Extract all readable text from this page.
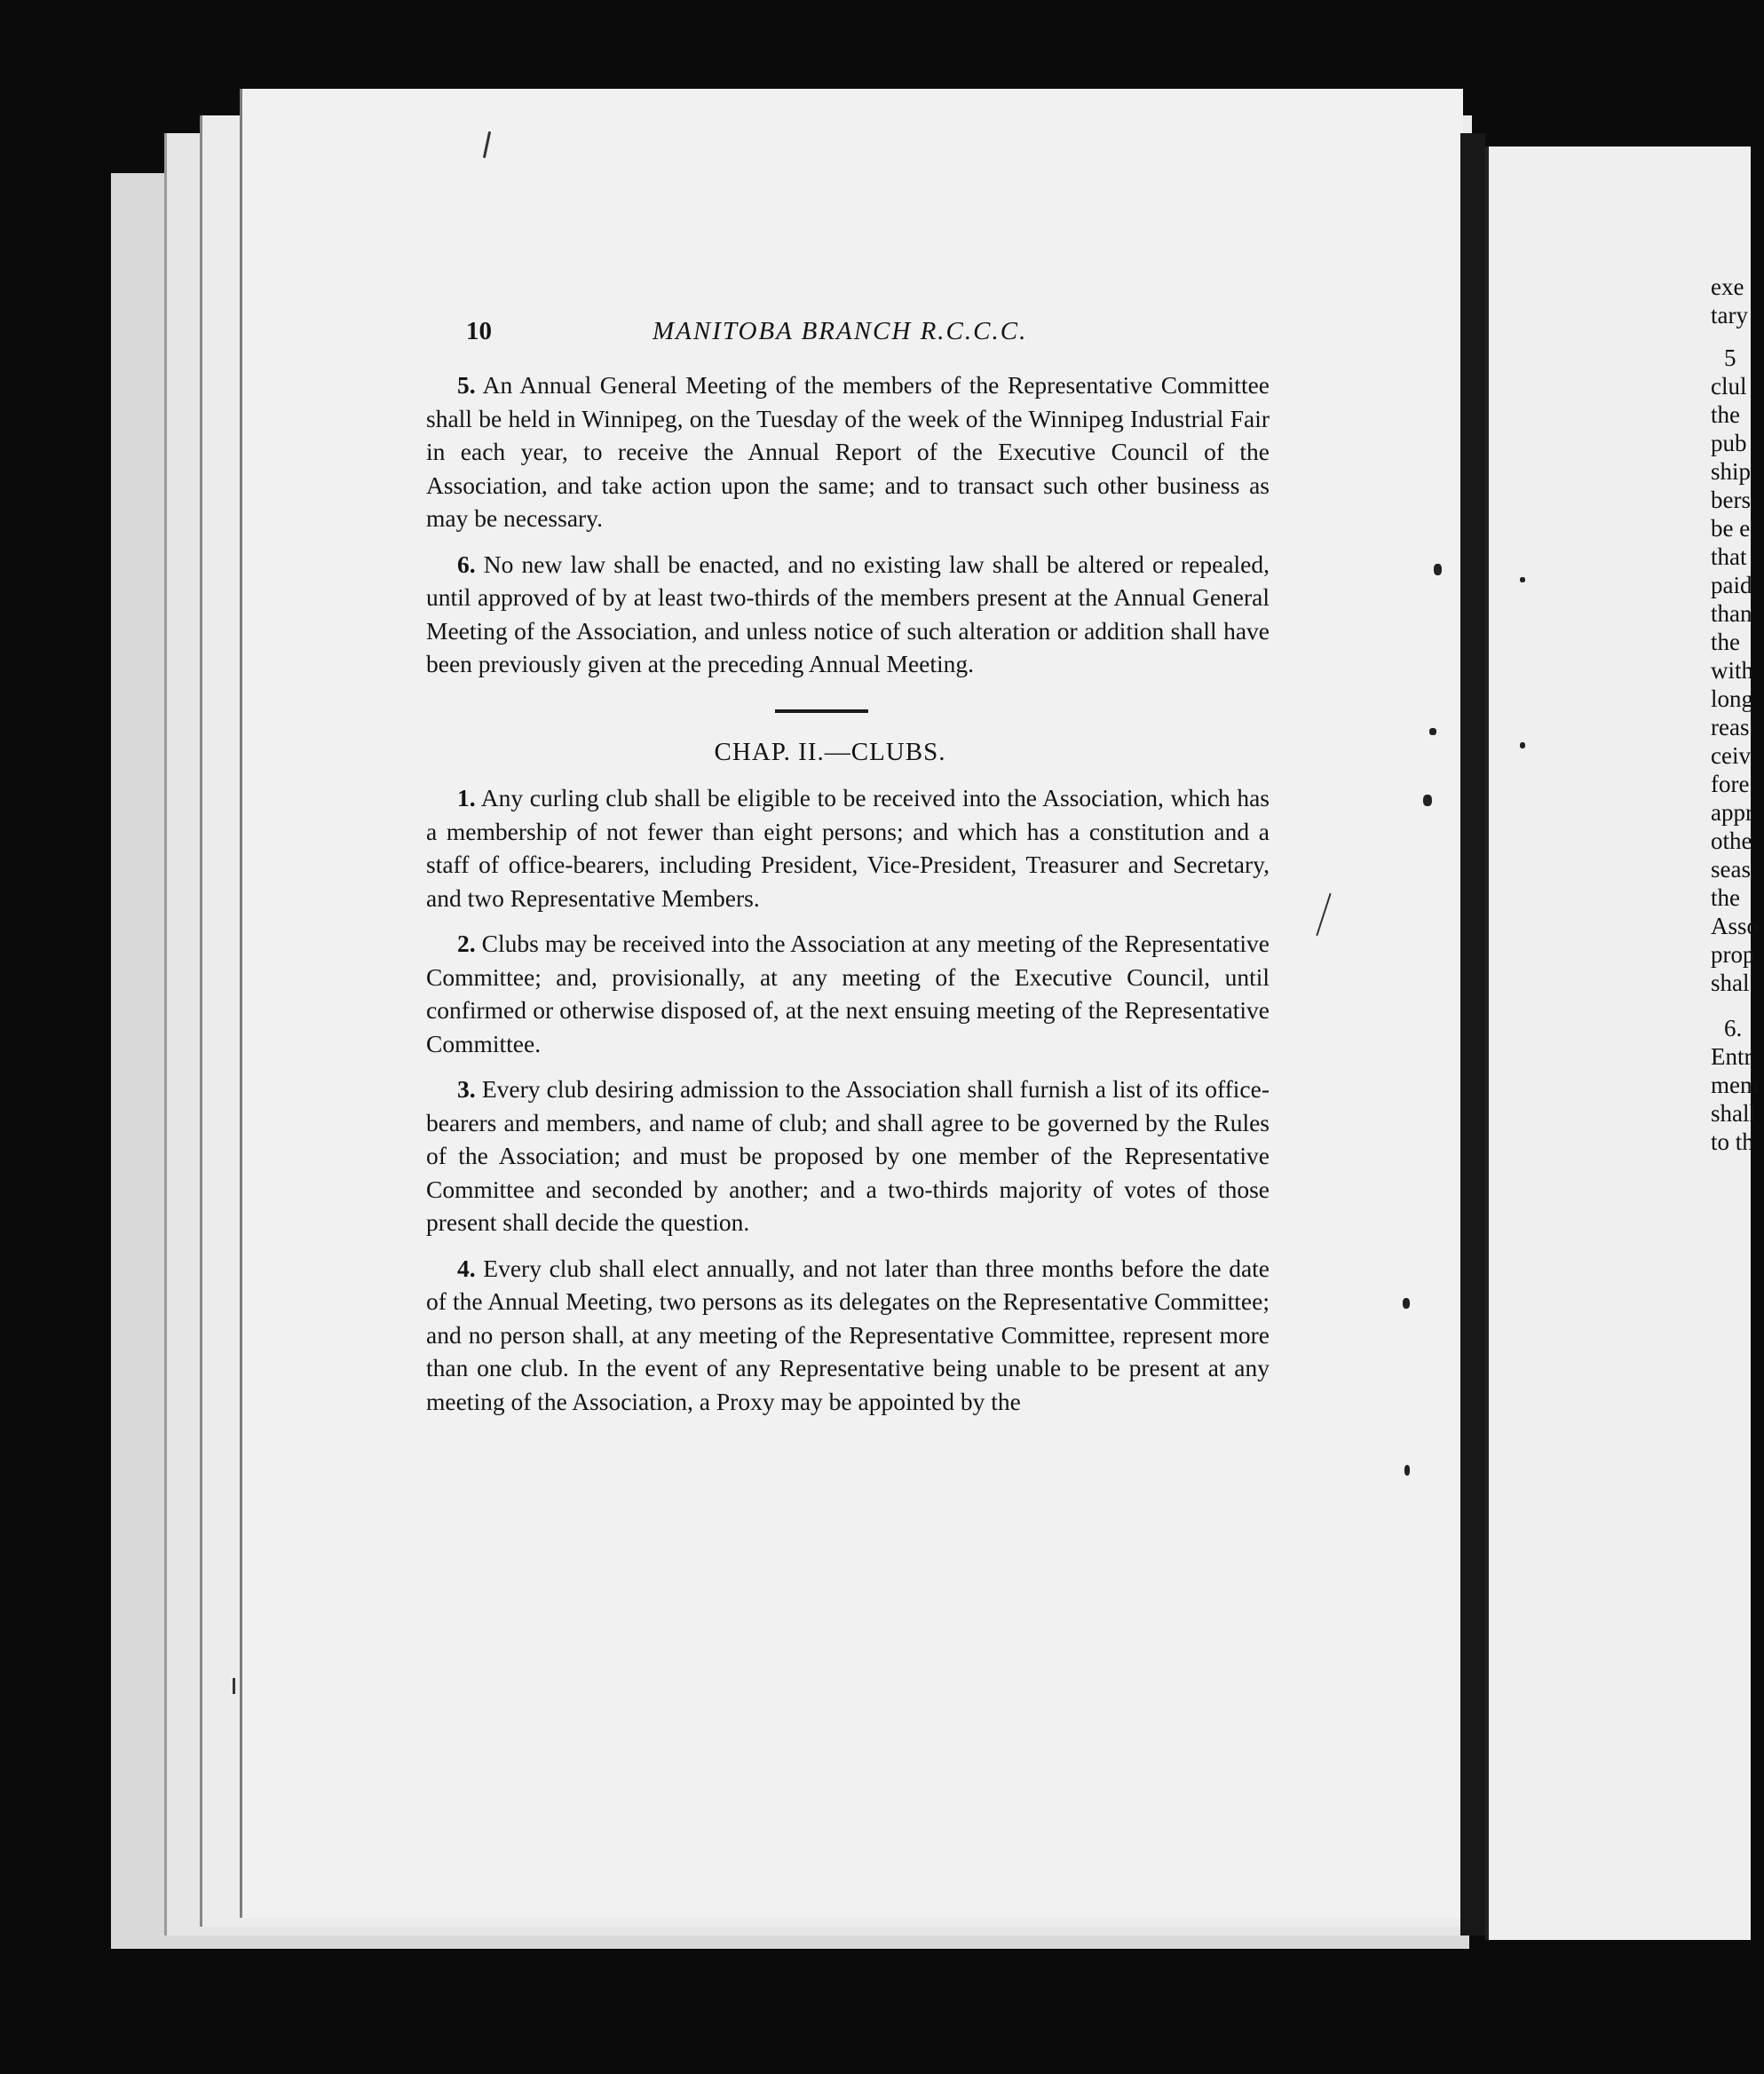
exe
tary
5
clul
the
pub
ship
bers
be e
that
paid
than
the
with
long
reas
ceiv
fore
appr
othe
seas
the
Asso
prop
shal
6.
Entr
mem
shall
to th
10	MANITOBA BRANCH R.C.C.C.

5. An Annual General Meeting of the members of the Representative Committee shall be held in Winnipeg, on the Tuesday of the week of the Winnipeg Industrial Fair in each year, to receive the Annual Report of the Executive Council of the Association, and take action upon the same; and to transact such other business as may be necessary.

6. No new law shall be enacted, and no existing law shall be altered or repealed, until approved of by at least two-thirds of the members present at the Annual General Meeting of the Association, and unless notice of such alteration or addition shall have been previously given at the preceding Annual Meeting.

CHAP. II.—CLUBS.

1. Any curling club shall be eligible to be received into the Association, which has a membership of not fewer than eight persons; and which has a constitution and a staff of office-bearers, including President, Vice-President, Treasurer and Secretary, and two Representative Members.

2. Clubs may be received into the Association at any meeting of the Representative Committee; and, provisionally, at any meeting of the Executive Council, until confirmed or otherwise disposed of, at the next ensuing meeting of the Representative Committee.

3. Every club desiring admission to the Association shall furnish a list of its office-bearers and members, and name of club; and shall agree to be governed by the Rules of the Association; and must be proposed by one member of the Representative Committee and seconded by another; and a two-thirds majority of votes of those present shall decide the question.

4. Every club shall elect annually, and not later than three months before the date of the Annual Meeting, two persons as its delegates on the Representative Committee; and no person shall, at any meeting of the Representative Committee, represent more than one club. In the event of any Representative being unable to be present at any meeting of the Association, a Proxy may be appointed by the
